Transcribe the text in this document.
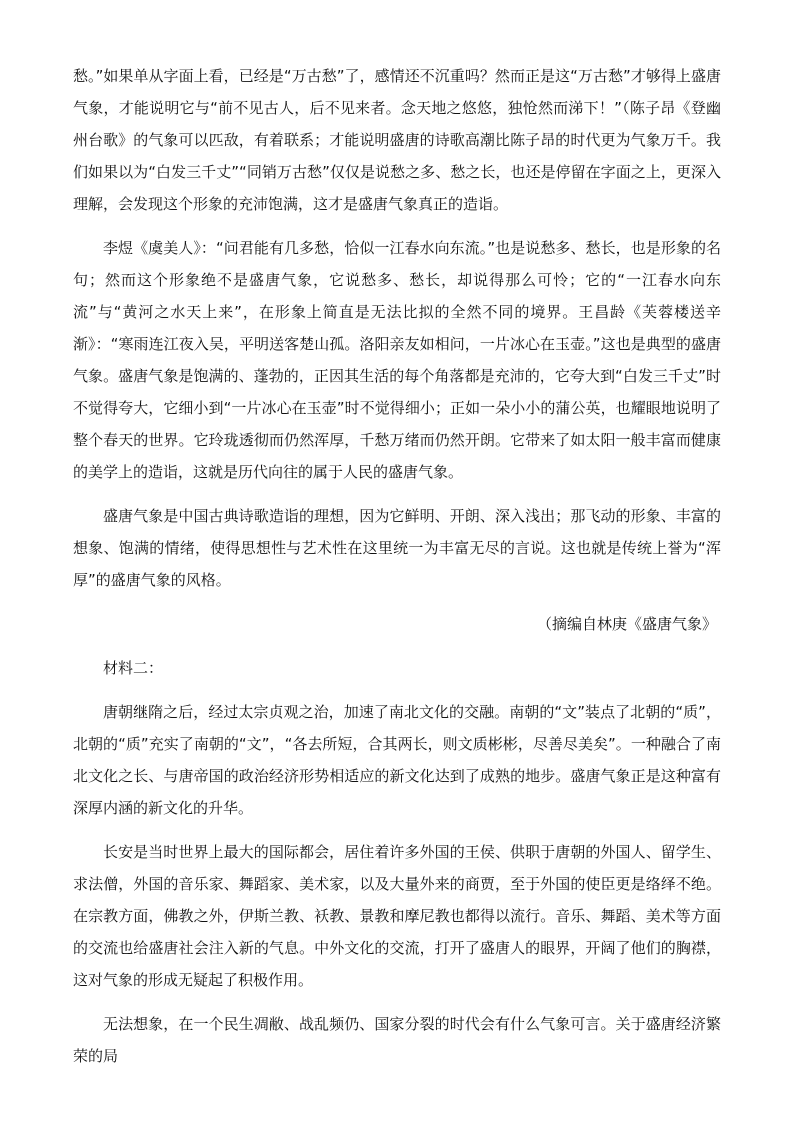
愁。”如果单从字面上看，已经是“万古愁”了，感情还不沉重吗？然而正是这“万古愁”才够得上盛唐气象，才能说明它与“前不见古人，后不见来者。念天地之悠悠，独怆然而涕下！”（陈子昂《登幽州台歌》的气象可以匹敌，有着联系；才能说明盛唐的诗歌高潮比陈子昂的时代更为气象万千。我们如果以为“白发三千丈”“同销万古愁”仅仅是说愁之多、愁之长，也还是停留在字面之上，更深入理解，会发现这个形象的充沛饱满，这才是盛唐气象真正的造诣。

李煜《虞美人》：“问君能有几多愁，恰似一江春水向东流。”也是说愁多、愁长，也是形象的名句；然而这个形象绝不是盛唐气象，它说愁多、愁长，却说得那么可怜；它的“一江春水向东流”与“黄河之水天上来”，在形象上简直是无法比拟的全然不同的境界。王昌龄《芙蓉楼送辛渐》：“寒雨连江夜入吴，平明送客楚山孤。洛阳亲友如相问，一片冰心在玉壶。”这也是典型的盛唐气象。盛唐气象是饱满的、蓬勃的，正因其生活的每个角落都是充沛的，它夸大到“白发三千丈”时不觉得夸大，它细小到“一片冰心在玉壶”时不觉得细小；正如一朵小小的蒲公英，也耀眼地说明了整个春天的世界。它玲珑透彻而仍然浑厚，千愁万绪而仍然开朗。它带来了如太阳一般丰富而健康的美学上的造诣，这就是历代向往的属于人民的盛唐气象。

盛唐气象是中国古典诗歌造诣的理想，因为它鲜明、开朗、深入浅出；那飞动的形象、丰富的想象、饱满的情绪，使得思想性与艺术性在这里统一为丰富无尽的言说。这也就是传统上誉为“浑厚”的盛唐气象的风格。

（摘编自林庚《盛唐气象》

材料二：

唐朝继隋之后，经过太宗贞观之治，加速了南北文化的交融。南朝的“文”装点了北朝的“质”，北朝的“质”充实了南朝的“文”，“各去所短，合其两长，则文质彬彬，尽善尽美矣”。一种融合了南北文化之长、与唐帝国的政治经济形势相适应的新文化达到了成熟的地步。盛唐气象正是这种富有深厚内涵的新文化的升华。

长安是当时世界上最大的国际都会，居住着许多外国的王侯、供职于唐朝的外国人、留学生、求法僧，外国的音乐家、舞蹈家、美术家，以及大量外来的商贾，至于外国的使臣更是络绎不绝。在宗教方面，佛教之外，伊斯兰教、袄教、景教和摩尼教也都得以流行。音乐、舞蹈、美术等方面的交流也给盛唐社会注入新的气息。中外文化的交流，打开了盛唐人的眼界，开阔了他们的胸襟，这对气象的形成无疑起了积极作用。

无法想象，在一个民生凋敝、战乱频仍、国家分裂的时代会有什么气象可言。关于盛唐经济繁荣的局
